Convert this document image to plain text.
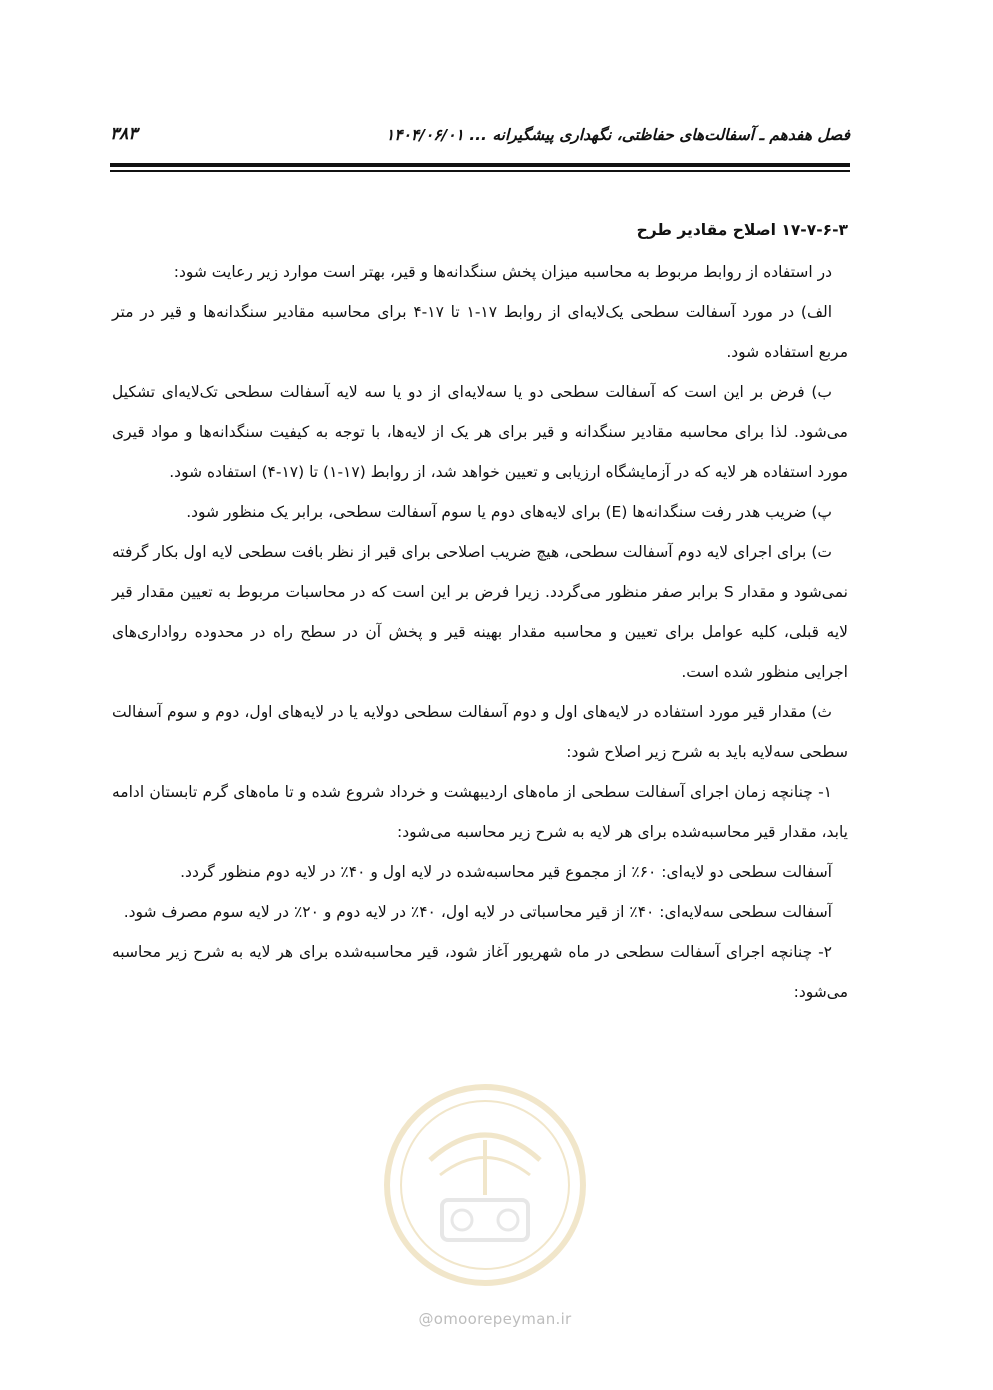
فصل هفدهم ـ آسفالت‌های حفاظتی، نگهداری پیشگیرانه ... ۱۴۰۴/۰۶/۰۱
۳۸۳

۱۷-۷-۶-۳ اصلاح مقادیر طرح

در استفاده از روابط مربوط به محاسبه میزان پخش سنگدانه‌ها و قیر، بهتر است موارد زیر رعایت شود:

الف) در مورد آسفالت سطحی یک‌لایه‌ای از روابط ۱۷-۱ تا ۱۷-۴ برای محاسبه مقادیر سنگدانه‌ها و قیر در متر مربع استفاده شود.

ب) فرض بر این است که آسفالت سطحی دو یا سه‌لایه‌ای از دو یا سه لایه آسفالت سطحی تک‌لایه‌ای تشکیل می‌شود. لذا برای محاسبه مقادیر سنگدانه و قیر برای هر یک از لایه‌ها، با توجه به کیفیت سنگدانه‌ها و مواد قیری مورد استفاده هر لایه که در آزمایشگاه ارزیابی و تعیین خواهد شد، از روابط (۱۷-۱) تا (۱۷-۴) استفاده شود.

پ) ضریب هدر رفت سنگدانه‌ها (E) برای لایه‌های دوم یا سوم آسفالت سطحی، برابر یک منظور شود.

ت) برای اجرای لایه دوم آسفالت سطحی، هیچ ضریب اصلاحی برای قیر از نظر بافت سطحی لایه اول بکار گرفته نمی‌شود و مقدار S برابر صفر منظور می‌گردد. زیرا فرض بر این است که در محاسبات مربوط به تعیین مقدار قیر لایه قبلی، کلیه عوامل برای تعیین و محاسبه مقدار بهینه قیر و پخش آن در سطح راه در محدوده رواداری‌های اجرایی منظور شده است.

ث) مقدار قیر مورد استفاده در لایه‌های اول و دوم آسفالت سطحی دولایه یا در لایه‌های اول، دوم و سوم آسفالت سطحی سه‌لایه باید به شرح زیر اصلاح شود:

۱- چنانچه زمان اجرای آسفالت سطحی از ماه‌های اردیبهشت و خرداد شروع شده و تا ماه‌های گرم تابستان ادامه یابد، مقدار قیر محاسبه‌شده برای هر لایه به شرح زیر محاسبه می‌شود:

آسفالت سطحی دو لایه‌ای: ۶۰٪ از مجموع قیر محاسبه‌شده در لایه اول و ۴۰٪ در لایه دوم منظور گردد.

آسفالت سطحی سه‌لایه‌ای: ۴۰٪ از قیر محاسباتی در لایه اول، ۴۰٪ در لایه دوم و ۲۰٪ در لایه سوم مصرف شود.

۲- چنانچه اجرای آسفالت سطحی در ماه شهریور آغاز شود، قیر محاسبه‌شده برای هر لایه به شرح زیر محاسبه می‌شود:

@omoorepeyman.ir
